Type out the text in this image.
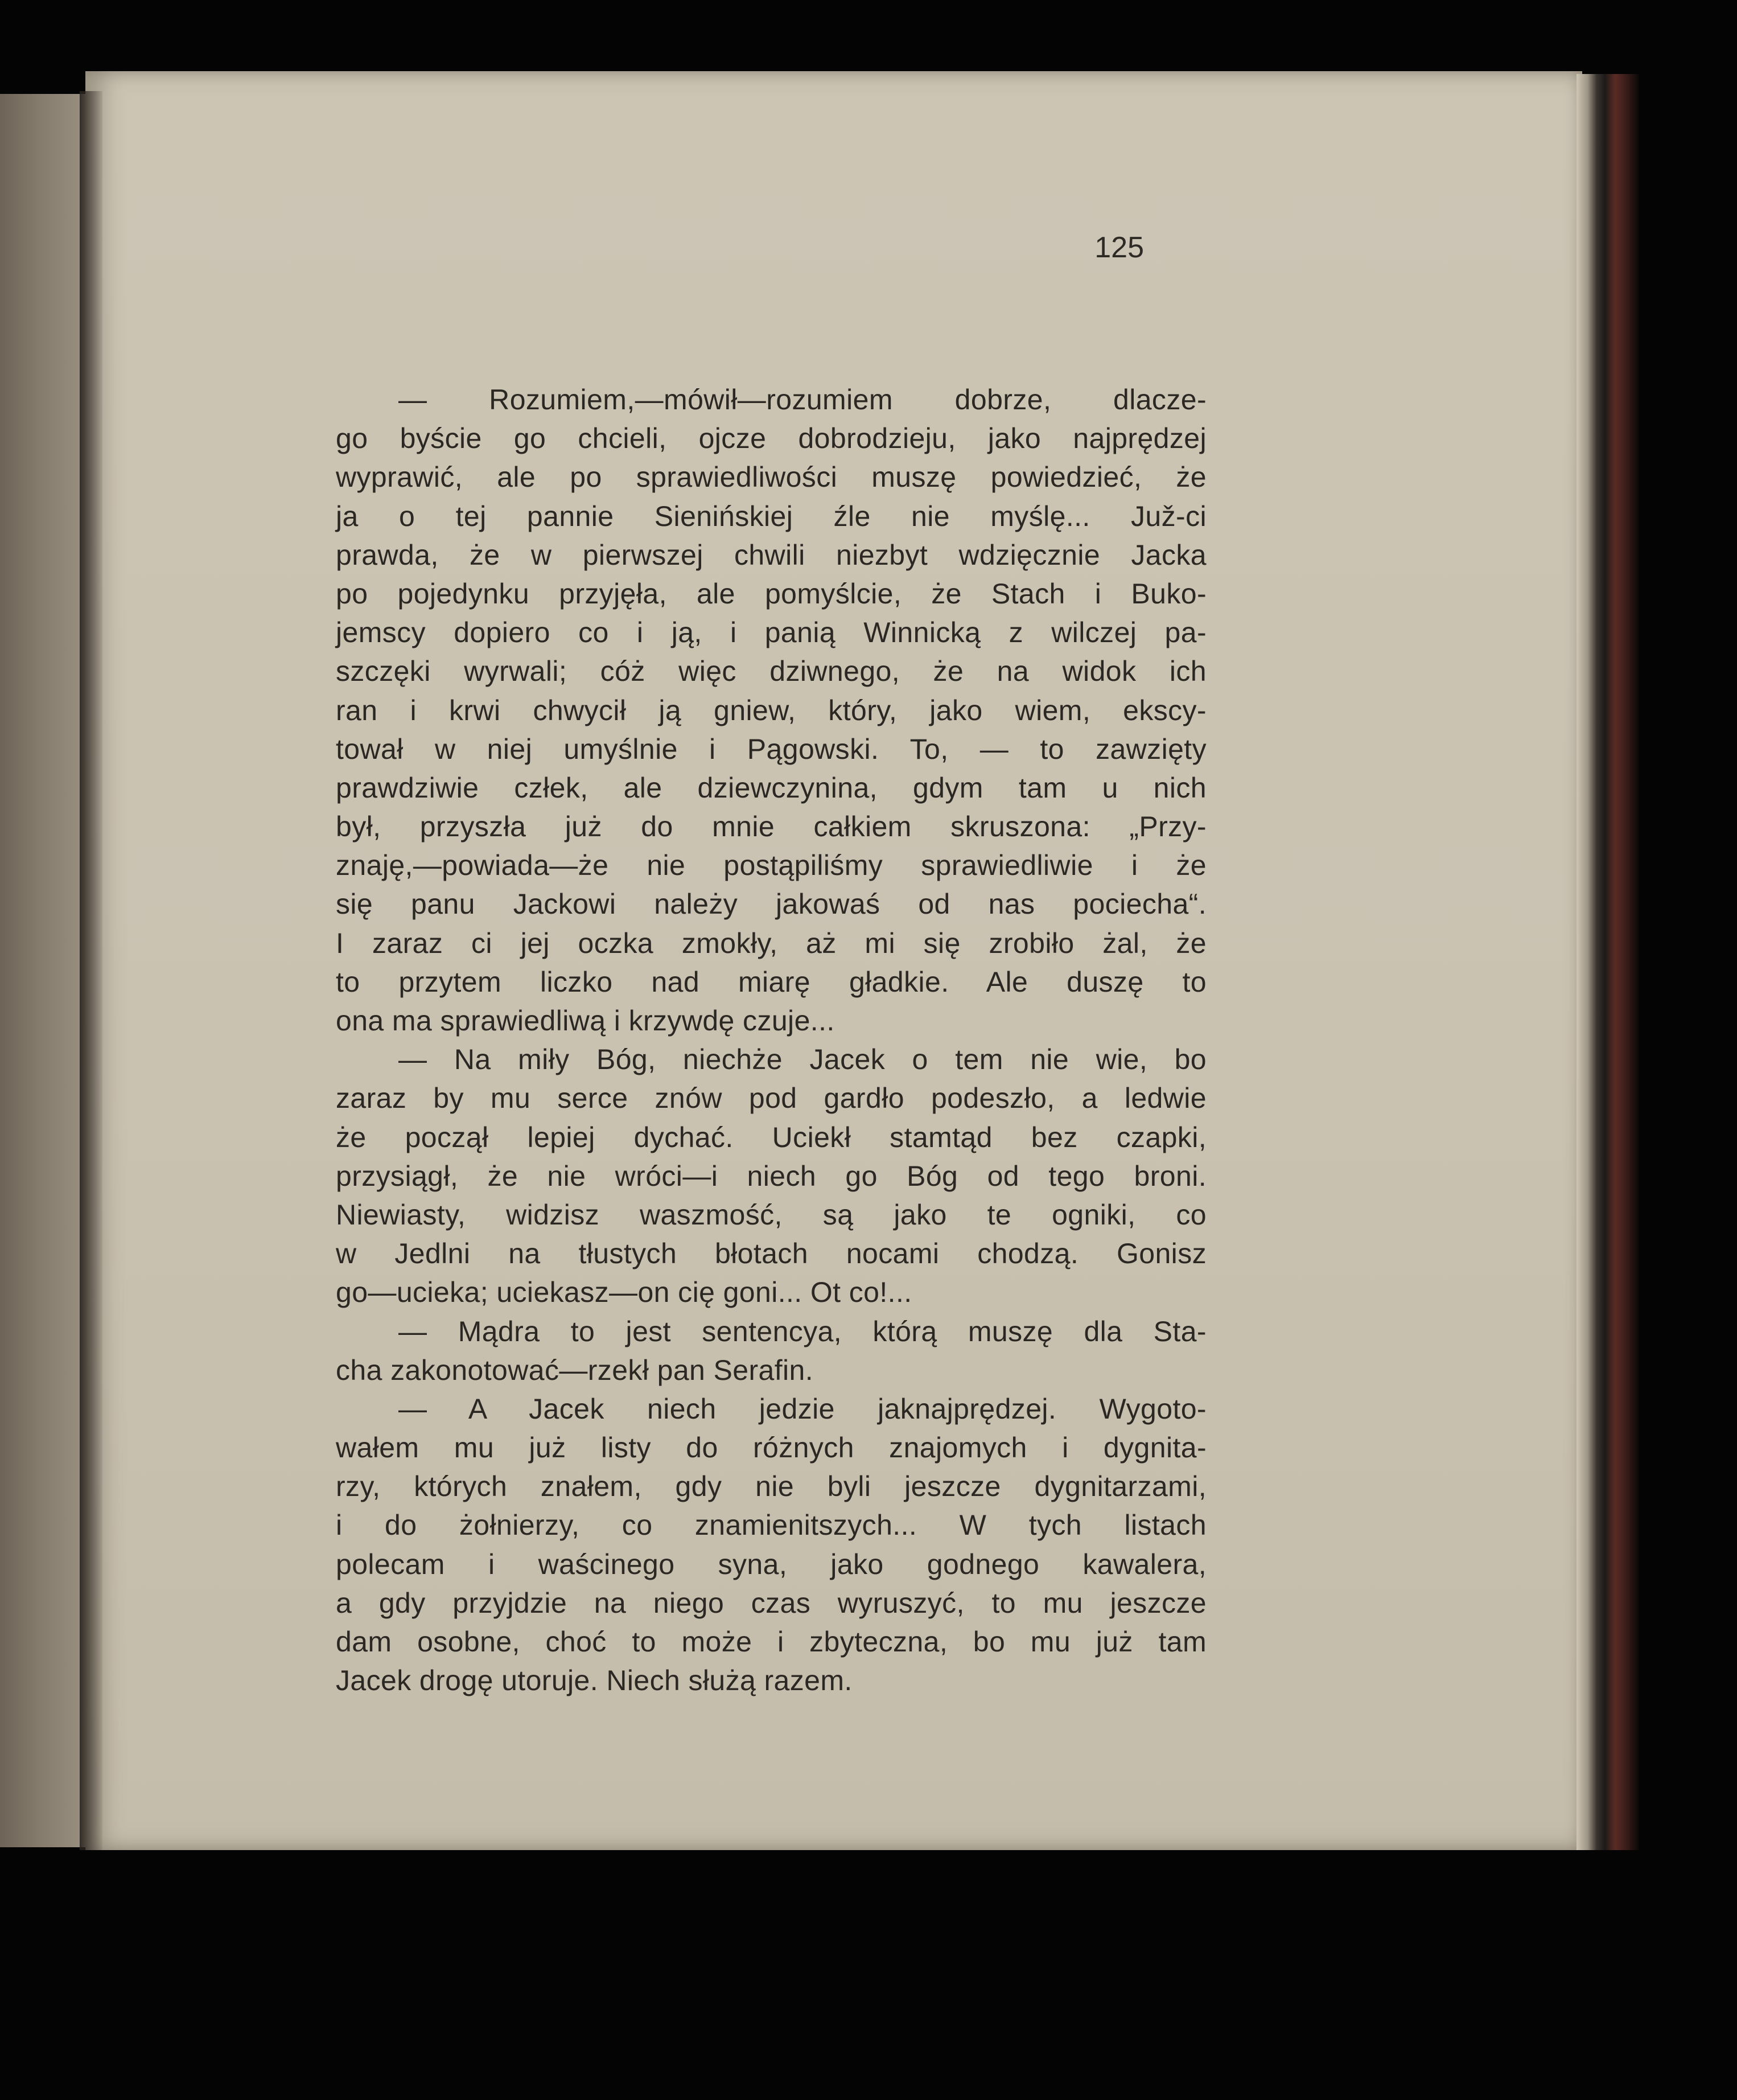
125
— Rozumiem,—mówił—rozumiem dobrze, dlacze-
go byście go chcieli, ojcze dobrodzieju, jako najprędzej
wyprawić, ale po sprawiedliwości muszę powiedzieć, że
ja o tej pannie Sienińskiej źle nie myślę... Juž-ci
prawda, że w pierwszej chwili niezbyt wdzięcznie Jacka
po pojedynku przyjęła, ale pomyślcie, że Stach i Buko-
jemscy dopiero co i ją, i panią Winnicką z wilczej pa-
szczęki wyrwali; cóż więc dziwnego, że na widok ich
ran i krwi chwycił ją gniew, który, jako wiem, ekscy-
tował w niej umyślnie i Pągowski. To, — to zawzięty
prawdziwie człek, ale dziewczynina, gdym tam u nich
był, przyszła już do mnie całkiem skruszona: „Przy-
znaję,—powiada—że nie postąpiliśmy sprawiedliwie i że
się panu Jackowi należy jakowaś od nas pociecha“.
I zaraz ci jej oczka zmokły, aż mi się zrobiło żal, że
to przytem liczko nad miarę gładkie. Ale duszę to
ona ma sprawiedliwą i krzywdę czuje...
— Na miły Bóg, niechże Jacek o tem nie wie, bo
zaraz by mu serce znów pod gardło podeszło, a ledwie
że począł lepiej dychać. Uciekł stamtąd bez czapki,
przysiągł, że nie wróci—i niech go Bóg od tego broni.
Niewiasty, widzisz waszmość, są jako te ogniki, co
w Jedlni na tłustych błotach nocami chodzą. Gonisz
go—ucieka; uciekasz—on cię goni... Ot co!...
— Mądra to jest sentencya, którą muszę dla Sta-
cha zakonotować—rzekł pan Serafin.
— A Jacek niech jedzie jaknajprędzej. Wygoto-
wałem mu już listy do różnych znajomych i dygnita-
rzy, których znałem, gdy nie byli jeszcze dygnitarzami,
i do żołnierzy, co znamienitszych... W tych listach
polecam i waścinego syna, jako godnego kawalera,
a gdy przyjdzie na niego czas wyruszyć, to mu jeszcze
dam osobne, choć to może i zbyteczna, bo mu już tam
Jacek drogę utoruje. Niech służą razem.
